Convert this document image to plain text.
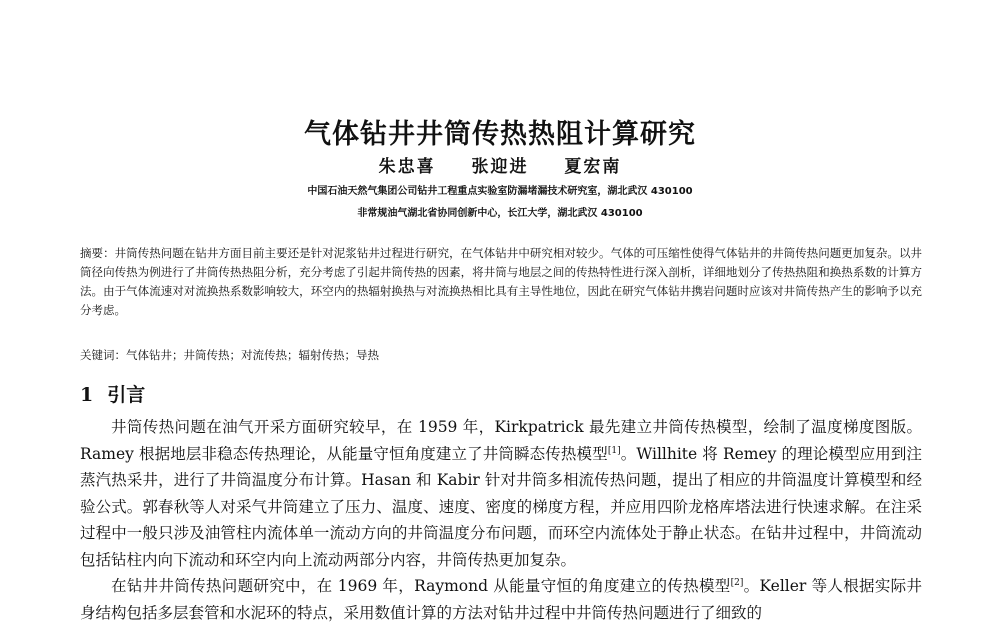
气体钻井井筒传热热阻计算研究
朱忠喜 张迎进 夏宏南
中国石油天然气集团公司钻井工程重点实验室防漏堵漏技术研究室，湖北武汉 430100
非常规油气湖北省协同创新中心，长江大学，湖北武汉 430100

摘要：井筒传热问题在钻井方面目前主要还是针对泥浆钻井过程进行研究，在气体钻井中研究相对较少。气体的可压缩性使得气体钻井的井筒传热问题更加复杂。以井筒径向传热为例进行了井筒传热热阻分析，充分考虑了引起井筒传热的因素，将井筒与地层之间的传热特性进行深入剖析，详细地划分了传热热阻和换热系数的计算方法。由于气体流速对对流换热系数影响较大，环空内的热辐射换热与对流换热相比具有主导性地位，因此在研究气体钻井携岩问题时应该对井筒传热产生的影响予以充分考虑。

关键词：气体钻井；井筒传热；对流传热；辐射传热；导热

1 引言

井筒传热问题在油气开采方面研究较早，在 1959 年，Kirkpatrick 最先建立井筒传热模型，绘制了温度梯度图版。Ramey 根据地层非稳态传热理论，从能量守恒角度建立了井筒瞬态传热模型[1]。Willhite 将 Remey 的理论模型应用到注蒸汽热采井，进行了井筒温度分布计算。Hasan 和 Kabir 针对井筒多相流传热问题，提出了相应的井筒温度计算模型和经验公式。郭春秋等人对采气井筒建立了压力、温度、速度、密度的梯度方程，并应用四阶龙格库塔法进行快速求解。在注采过程中一般只涉及油管柱内流体单一流动方向的井筒温度分布问题，而环空内流体处于静止状态。在钻井过程中，井筒流动包括钻柱内向下流动和环空内向上流动两部分内容，井筒传热更加复杂。

在钻井井筒传热问题研究中，在 1969 年，Raymond 从能量守恒的角度建立的传热模型[2]。Keller 等人根据实际井身结构包括多层套管和水泥环的特点，采用数值计算的方法对钻井过程中井筒传热问题进行了细致的
